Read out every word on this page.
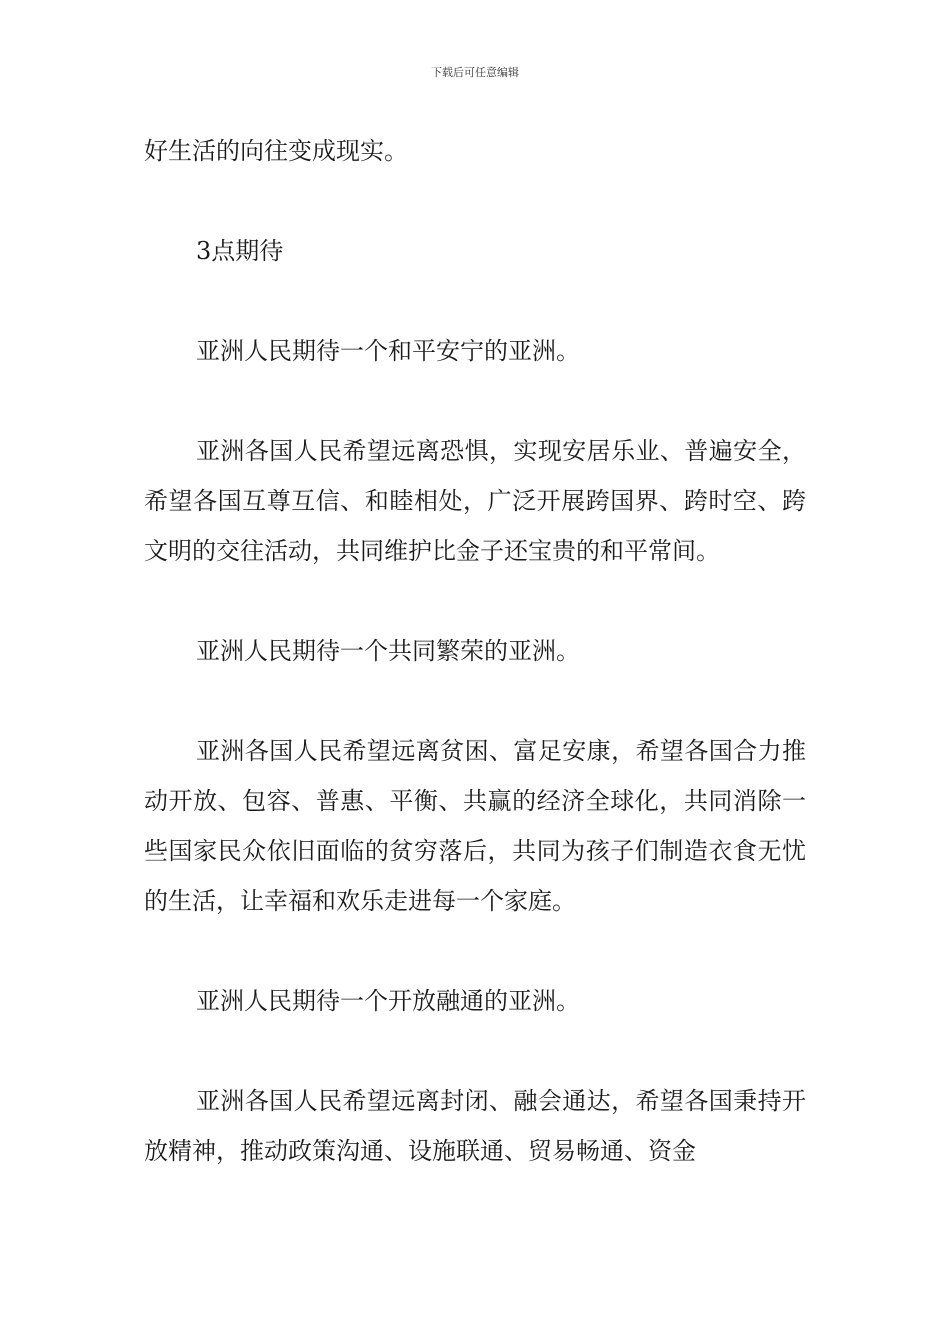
下载后可任意编辑

好生活的向往变成现实。

3点期待

亚洲人民期待一个和平安宁的亚洲。

亚洲各国人民希望远离恐惧，实现安居乐业、普遍安全，希望各国互尊互信、和睦相处，广泛开展跨国界、跨时空、跨文明的交往活动，共同维护比金子还宝贵的和平常间。

亚洲人民期待一个共同繁荣的亚洲。

亚洲各国人民希望远离贫困、富足安康，希望各国合力推动开放、包容、普惠、平衡、共赢的经济全球化，共同消除一些国家民众依旧面临的贫穷落后，共同为孩子们制造衣食无忧的生活，让幸福和欢乐走进每一个家庭。

亚洲人民期待一个开放融通的亚洲。

亚洲各国人民希望远离封闭、融会通达，希望各国秉持开放精神，推动政策沟通、设施联通、贸易畅通、资金
